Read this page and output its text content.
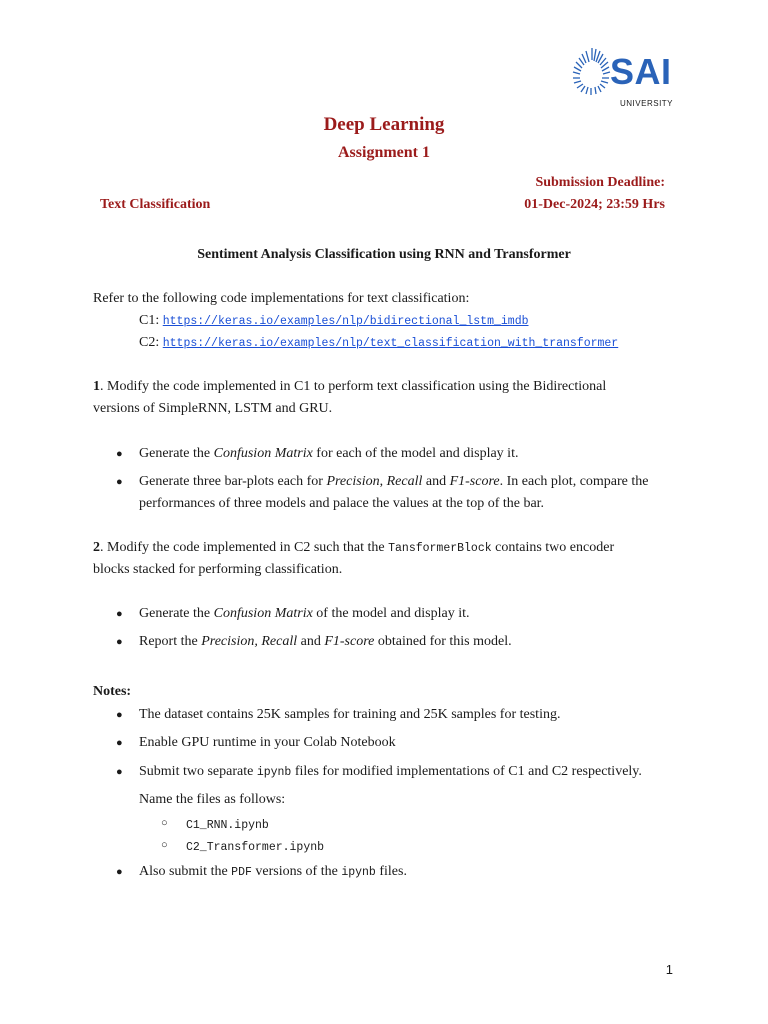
SAI
UNIVERSITY
Deep Learning
Assignment 1
Submission Deadline:
Text Classification	01-Dec-2024; 23:59 Hrs
Sentiment Analysis Classification using RNN and Transformer
Refer to the following code implementations for text classification:
C1: https://keras.io/examples/nlp/bidirectional_lstm_imdb
C2: https://keras.io/examples/nlp/text_classification_with_transformer
1. Modify the code implemented in C1 to perform text classification using the Bidirectional
versions of SimpleRNN, LSTM and GRU.
● Generate the Confusion Matrix for each of the model and display it.
● Generate three bar-plots each for Precision, Recall and F1-score. In each plot, compare the
performances of three models and palace the values at the top of the bar.
2. Modify the code implemented in C2 such that the TansformerBlock contains two encoder
blocks stacked for performing classification.
● Generate the Confusion Matrix of the model and display it.
● Report the Precision, Recall and F1-score obtained for this model.
Notes:
● The dataset contains 25K samples for training and 25K samples for testing.
● Enable GPU runtime in your Colab Notebook
● Submit two separate ipynb files for modified implementations of C1 and C2 respectively.
Name the files as follows:
○ C1_RNN.ipynb
○ C2_Transformer.ipynb
● Also submit the PDF versions of the ipynb files.
1
